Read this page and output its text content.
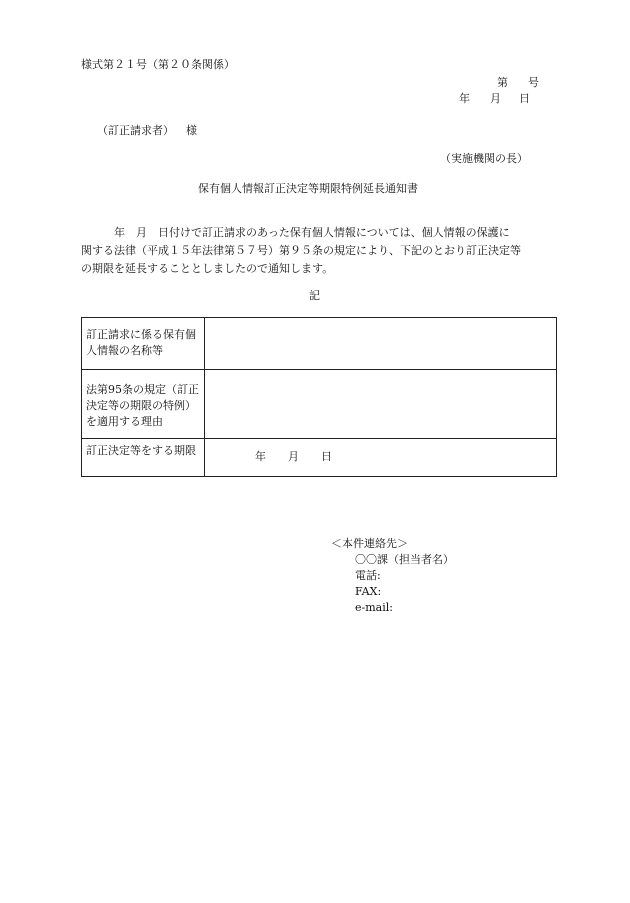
様式第２１号（第２０条関係）
第 号
年 月 日
（訂正請求者） 様
（実施機関の長）
保有個人情報訂正決定等期限特例延長通知書

　　　年　月　日付けで訂正請求のあった保有個人情報については、個人情報の保護に

関する法律（平成１５年法律第５７号）第９５条の規定により、下記のとおり訂正決定等

の期限を延長することとしましたので通知します。

記
訂正請求に係る保有個人情報の名称等	
法第95条の規定（訂正決定等の期限の特例）を適用する理由	
訂正決定等をする期限	年　　月　　日
＜本件連絡先＞
〇〇課（担当者名）
電話:
FAX:
e-mail:
